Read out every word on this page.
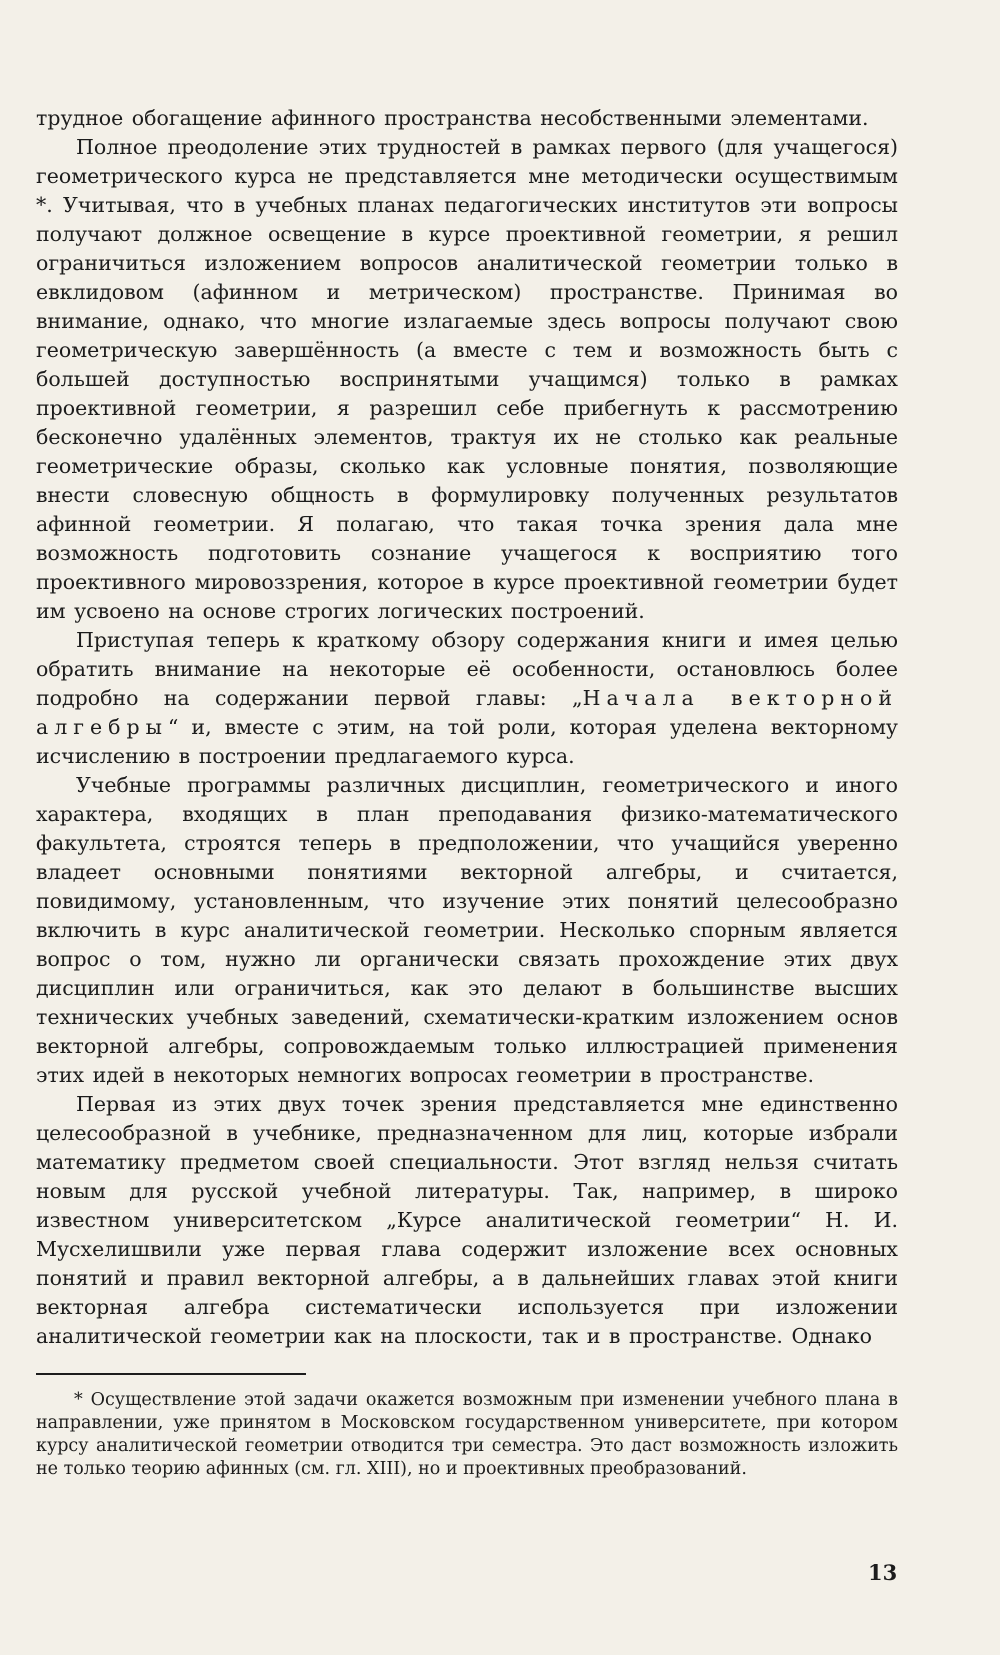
трудное обогащение афинного пространства несобственными элементами.

Полное преодоление этих трудностей в рамках первого (для учащегося) геометрического курса не представляется мне методически осуществимым *. Учитывая, что в учебных планах педагогических институтов эти вопросы получают должное освещение в курсе проективной геометрии, я решил ограничиться изложением вопросов аналитической геометрии только в евклидовом (афинном и метрическом) пространстве. Принимая во внимание, однако, что многие излагаемые здесь вопросы получают свою геометрическую завершённость (а вместе с тем и возможность быть с большей доступностью воспринятыми учащимся) только в рамках проективной геометрии, я разрешил себе прибегнуть к рассмотрению бесконечно удалённых элементов, трактуя их не столько как реальные геометрические образы, сколько как условные понятия, позволяющие внести словесную общность в формулировку полученных результатов афинной геометрии. Я полагаю, что такая точка зрения дала мне возможность подготовить сознание учащегося к восприятию того проективного мировоззрения, которое в курсе проективной геометрии будет им усвоено на основе строгих логических построений.

Приступая теперь к краткому обзору содержания книги и имея целью обратить внимание на некоторые её особенности, остановлюсь более подробно на содержании первой главы: „Начала векторной алгебры“ и, вместе с этим, на той роли, которая уделена векторному исчислению в построении предлагаемого курса.

Учебные программы различных дисциплин, геометрического и иного характера, входящих в план преподавания физико-математического факультета, строятся теперь в предположении, что учащийся уверенно владеет основными понятиями векторной алгебры, и считается, повидимому, установленным, что изучение этих понятий целесообразно включить в курс аналитической геометрии. Несколько спорным является вопрос о том, нужно ли органически связать прохождение этих двух дисциплин или ограничиться, как это делают в большинстве высших технических учебных заведений, схематически-кратким изложением основ векторной алгебры, сопровождаемым только иллюстрацией применения этих идей в некоторых немногих вопросах геометрии в пространстве.

Первая из этих двух точек зрения представляется мне единственно целесообразной в учебнике, предназначенном для лиц, которые избрали математику предметом своей специальности. Этот взгляд нельзя считать новым для русской учебной литературы. Так, например, в широко известном университетском „Курсе аналитической геометрии“ Н. И. Мусхелишвили уже первая глава содержит изложение всех основных понятий и правил векторной алгебры, а в дальнейших главах этой книги векторная алгебра систематически используется при изложении аналитической геометрии как на плоскости, так и в пространстве. Однако

* Осуществление этой задачи окажется возможным при изменении учебного плана в направлении, уже принятом в Московском государственном университете, при котором курсу аналитической геометрии отводится три семестра. Это даст возможность изложить не только теорию афинных (см. гл. XIII), но и проективных преобразований.

13
